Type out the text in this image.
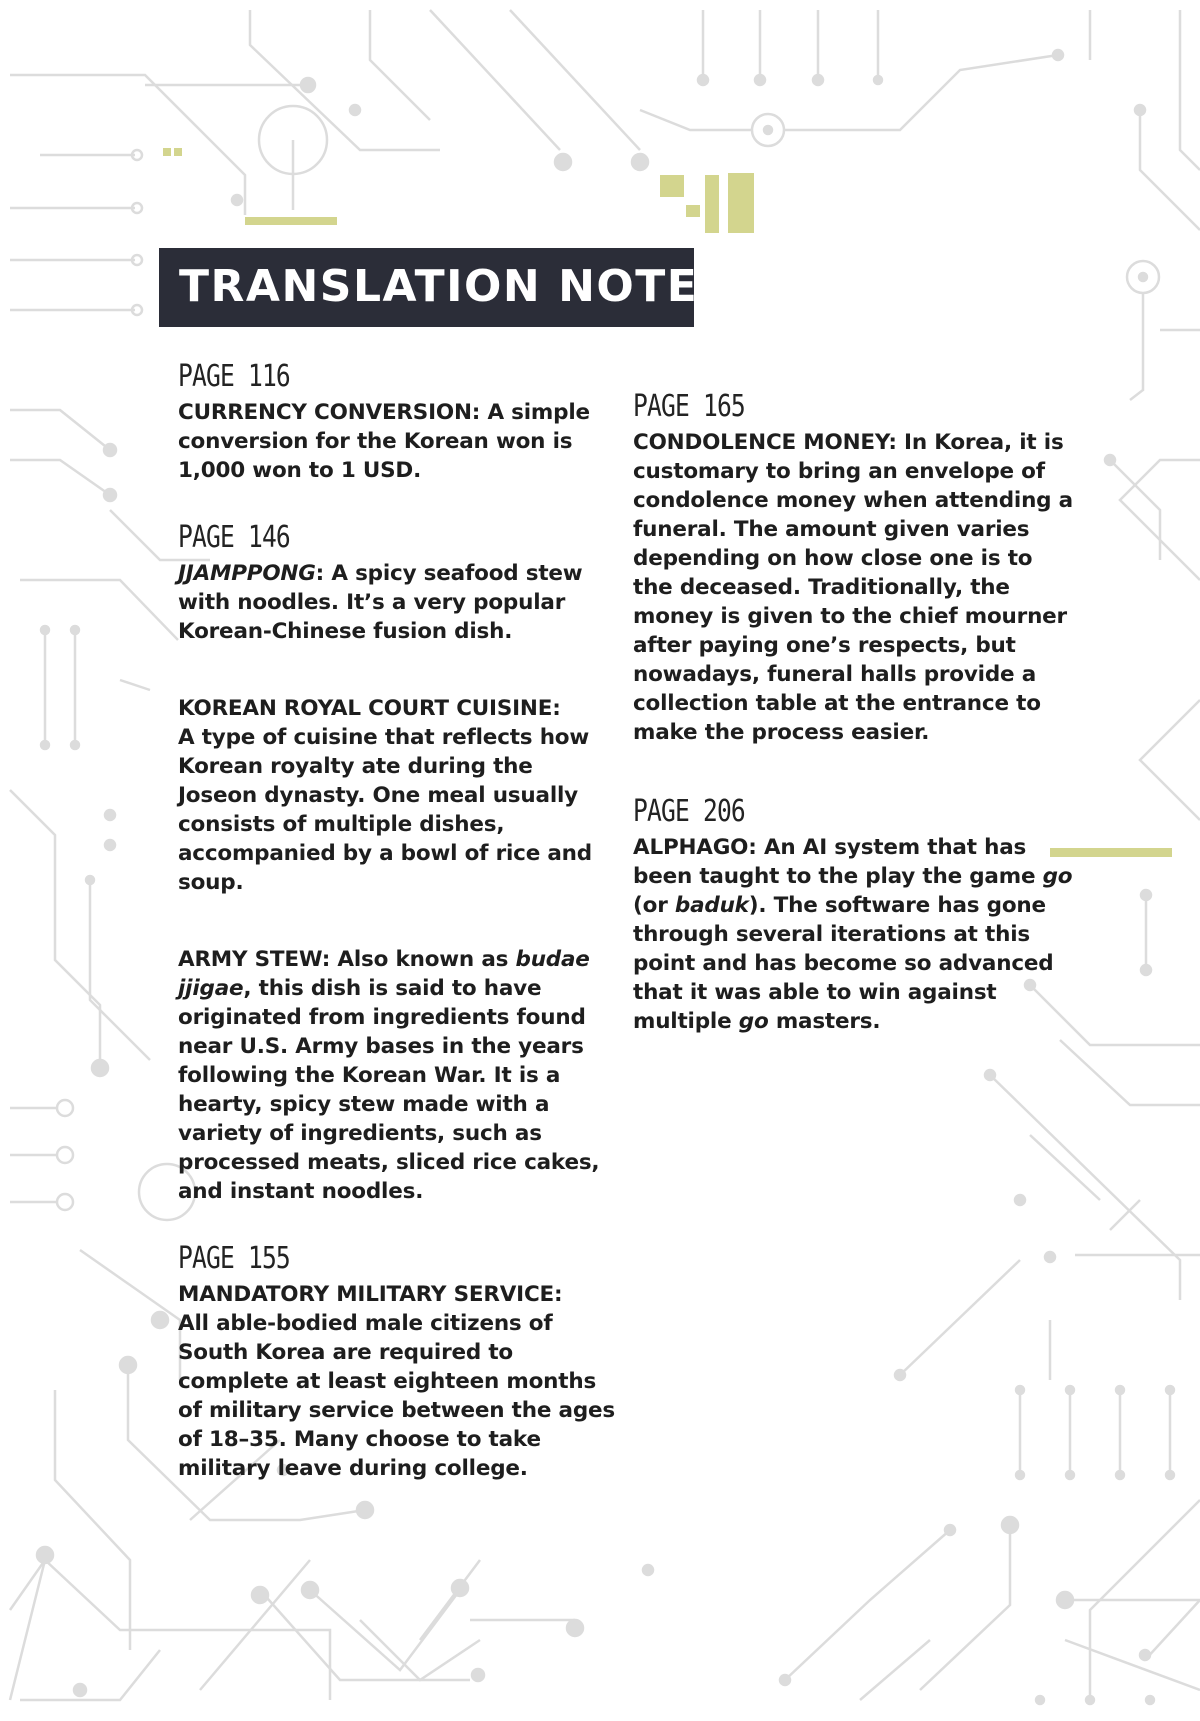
TRANSLATION NOTES
PAGE 116

CURRENCY CONVERSION: A simple conversion for the Korean won is 1,000 won to 1 USD.

PAGE 146

JJAMPPONG: A spicy seafood stew with noodles. It’s a very popular Korean-Chinese fusion dish.

KOREAN ROYAL COURT CUISINE:
A type of cuisine that reflects how Korean royalty ate during the Joseon dynasty. One meal usually consists of multiple dishes, accompanied by a bowl of rice and soup.

ARMY STEW: Also known as budae jjigae, this dish is said to have originated from ingredients found near U.S. Army bases in the years following the Korean War. It is a hearty, spicy stew made with a variety of ingredients, such as processed meats, sliced rice cakes, and instant noodles.

PAGE 155

MANDATORY MILITARY SERVICE:
All able-bodied male citizens of South Korea are required to complete at least eighteen months of military service between the ages of 18–35. Many choose to take military leave during college.

PAGE 165

CONDOLENCE MONEY: In Korea, it is customary to bring an envelope of condolence money when attending a funeral. The amount given varies depending on how close one is to the deceased. Traditionally, the money is given to the chief mourner after paying one’s respects, but nowadays, funeral halls provide a collection table at the entrance to make the process easier.

PAGE 206

ALPHAGO: An AI system that has been taught to the play the game go (or baduk). The software has gone through several iterations at this point and has become so advanced that it was able to win against multiple go masters.
